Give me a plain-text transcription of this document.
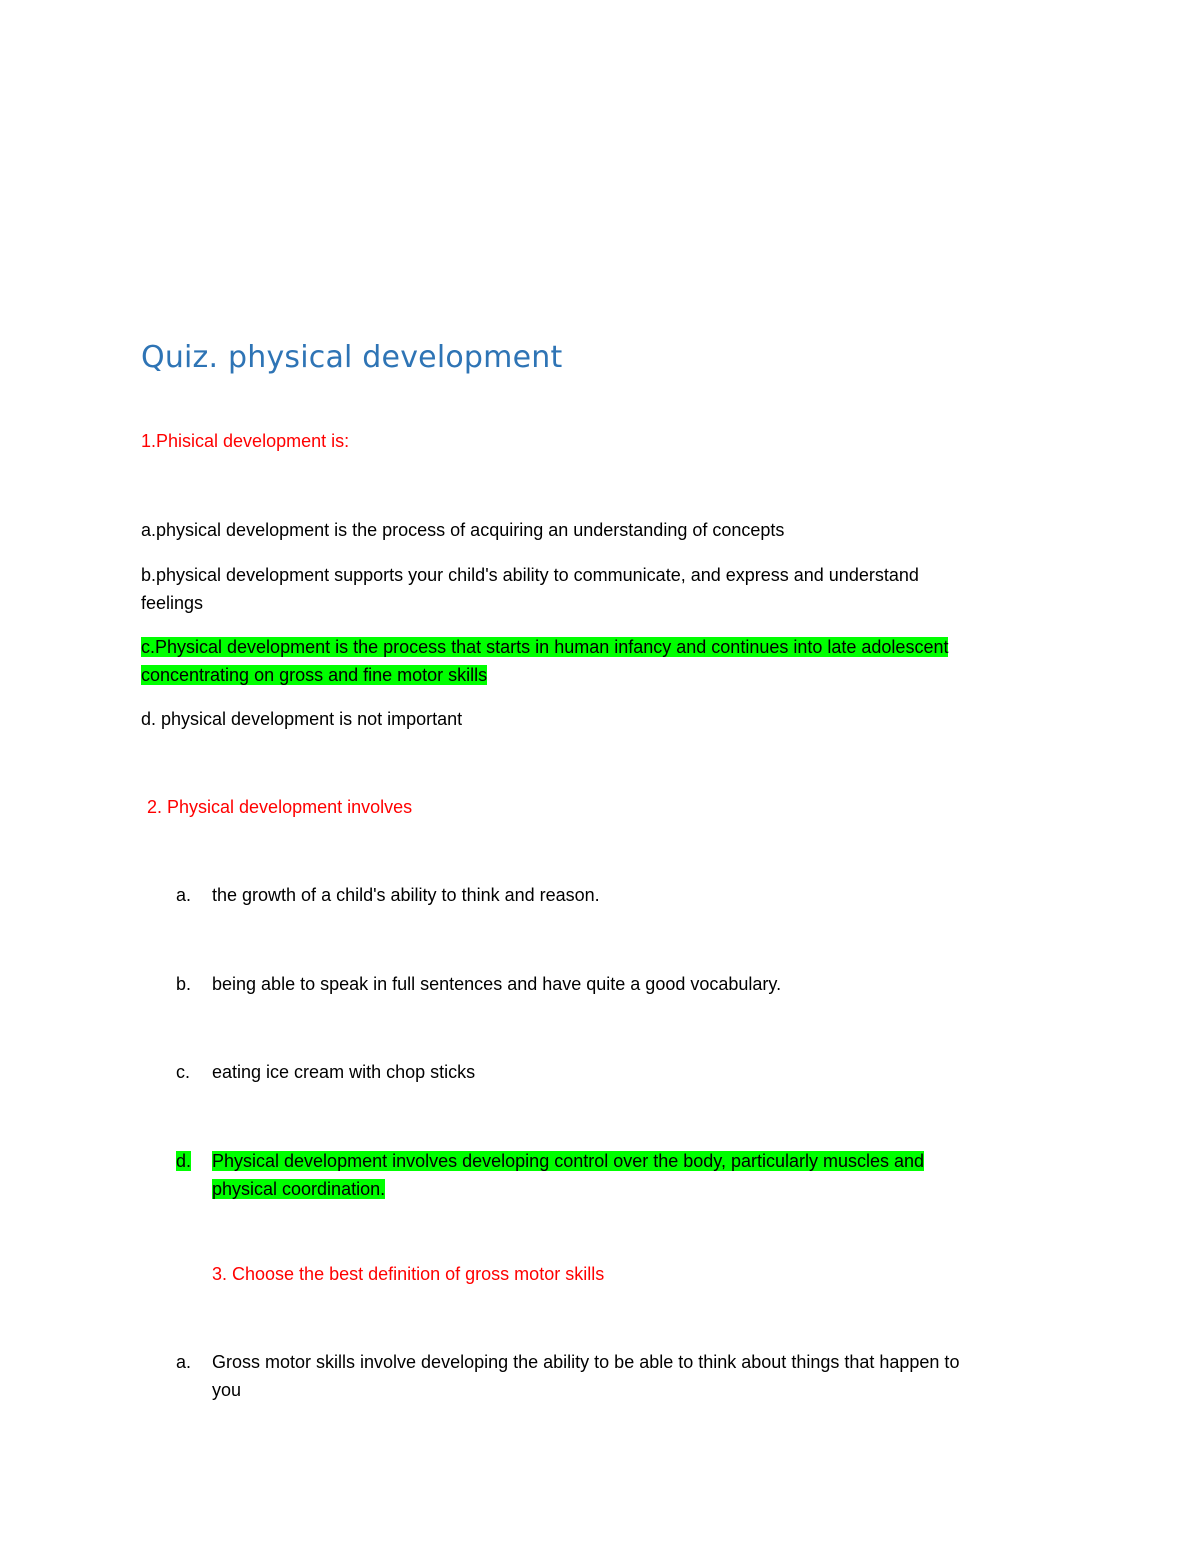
Quiz. physical development
1.Phisical development is:
a.physical development is the process of acquiring an understanding of concepts
b.physical development supports your child's ability to communicate, and express and understand
feelings
c.Physical development is the process that starts in human infancy and continues into late adolescent
concentrating on gross and fine motor skills
d. physical development is not important
2. Physical development involves
a.	the growth of a child's ability to think and reason.
b.	being able to speak in full sentences and have quite a good vocabulary.
c.	eating ice cream with chop sticks
d.	Physical development involves developing control over the body, particularly muscles and
physical coordination.
3. Choose the best definition of gross motor skills
a.	Gross motor skills involve developing the ability to be able to think about things that happen to
you
